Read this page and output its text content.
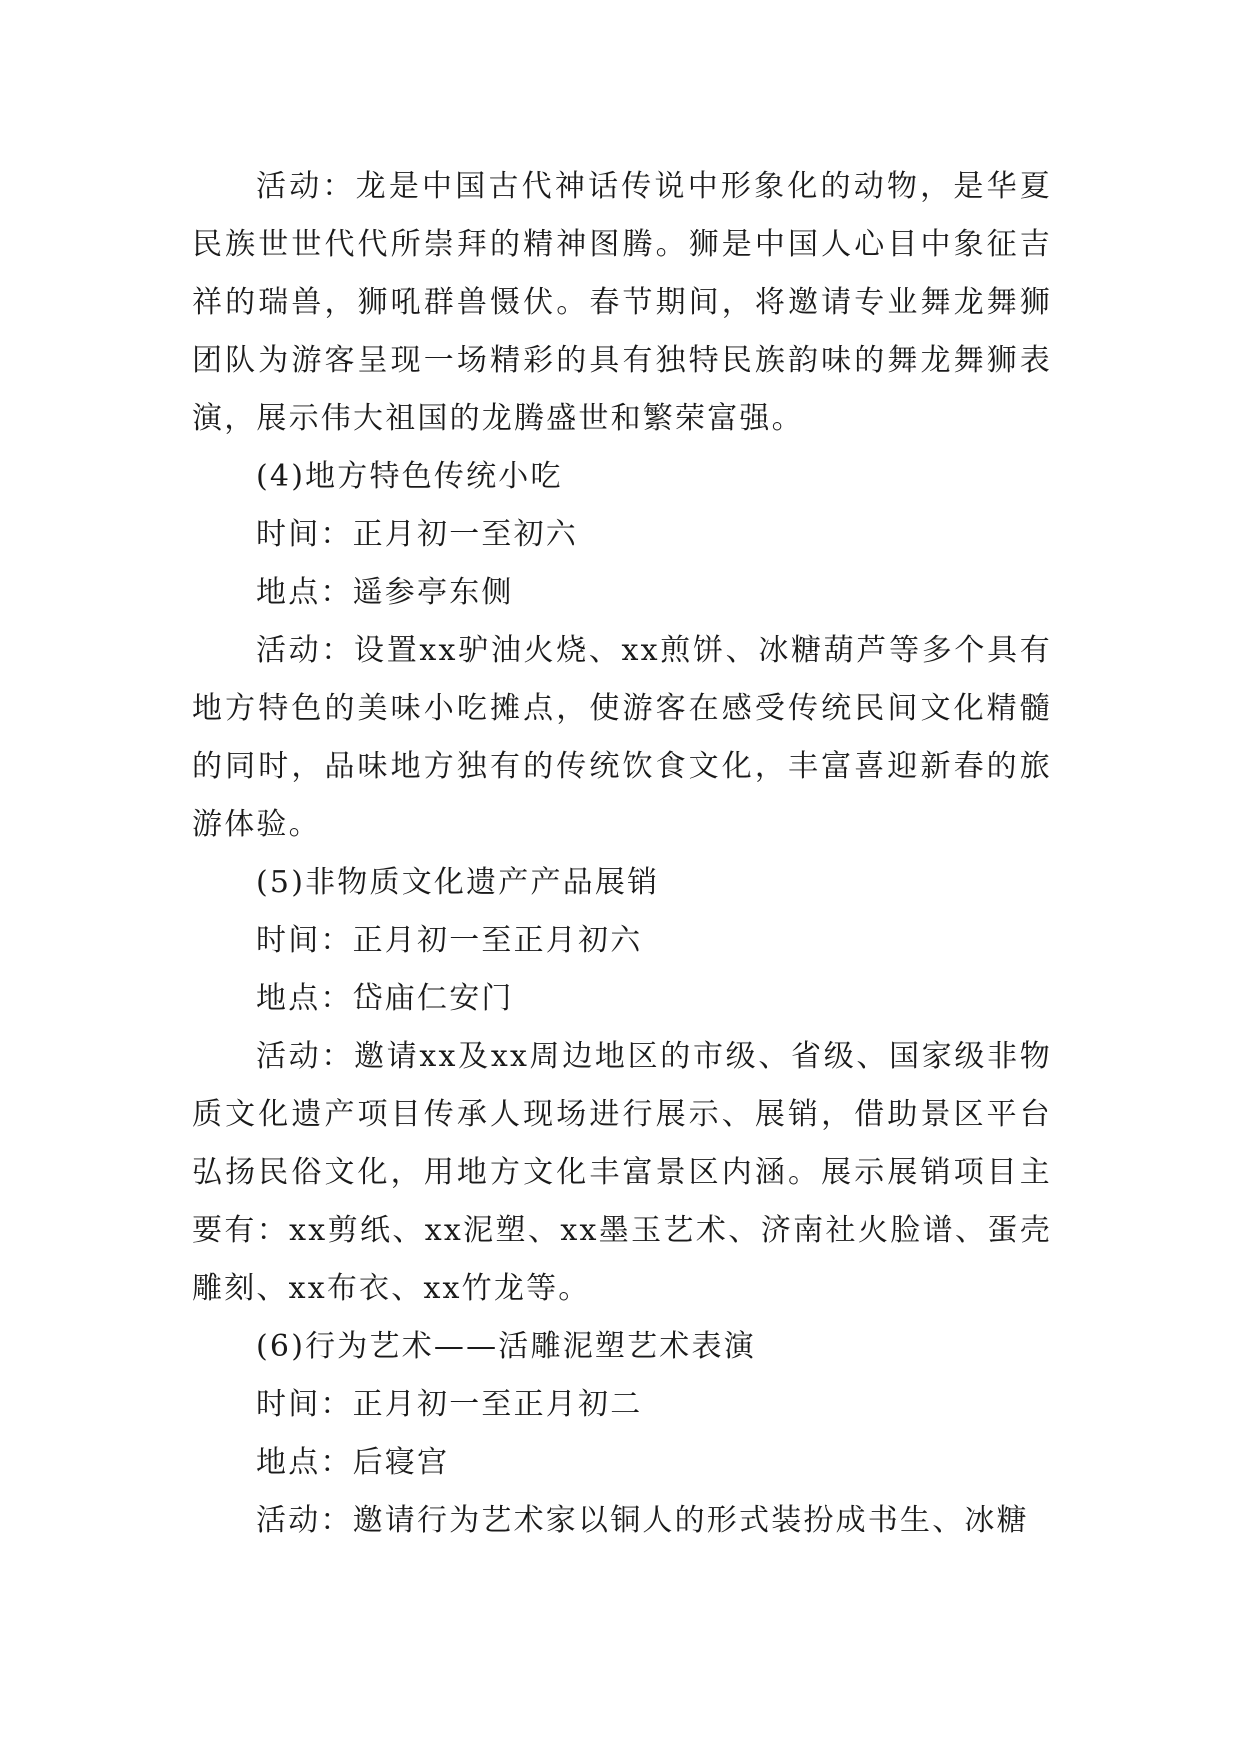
活动：龙是中国古代神话传说中形象化的动物，是华夏民族世世代代所崇拜的精神图腾。狮是中国人心目中象征吉祥的瑞兽，狮吼群兽慑伏。春节期间，将邀请专业舞龙舞狮团队为游客呈现一场精彩的具有独特民族韵味的舞龙舞狮表演，展示伟大祖国的龙腾盛世和繁荣富强。

(4)地方特色传统小吃

时间：正月初一至初六

地点：遥参亭东侧

活动：设置xx驴油火烧、xx煎饼、冰糖葫芦等多个具有地方特色的美味小吃摊点，使游客在感受传统民间文化精髓的同时，品味地方独有的传统饮食文化，丰富喜迎新春的旅游体验。

(5)非物质文化遗产产品展销

时间：正月初一至正月初六

地点：岱庙仁安门

活动：邀请xx及xx周边地区的市级、省级、国家级非物质文化遗产项目传承人现场进行展示、展销，借助景区平台弘扬民俗文化，用地方文化丰富景区内涵。展示展销项目主要有：xx剪纸、xx泥塑、xx墨玉艺术、济南社火脸谱、蛋壳雕刻、xx布衣、xx竹龙等。

(6)行为艺术——活雕泥塑艺术表演

时间：正月初一至正月初二

地点：后寝宫

活动：邀请行为艺术家以铜人的形式装扮成书生、冰糖
